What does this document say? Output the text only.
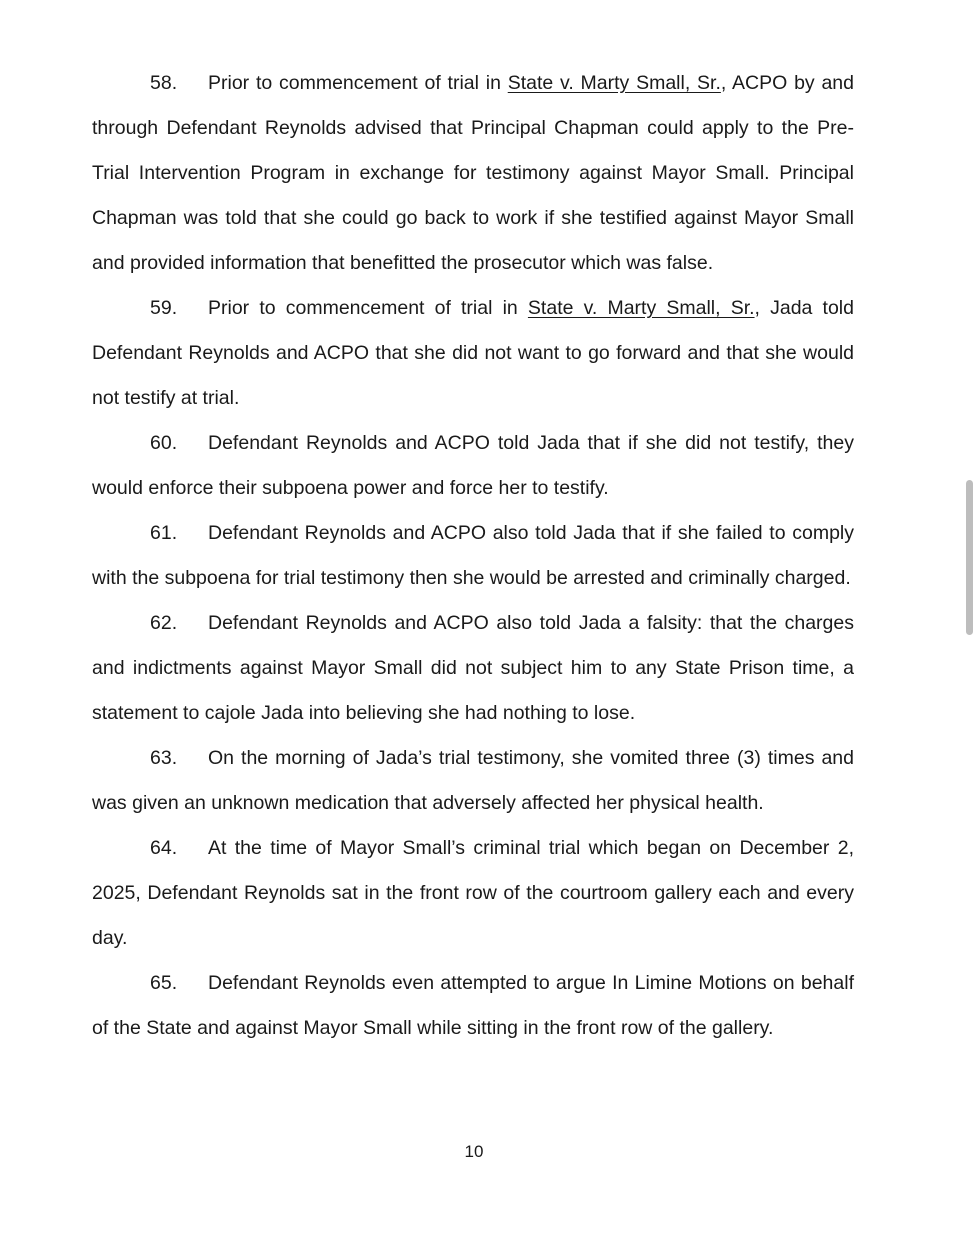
58. Prior to commencement of trial in State v. Marty Small, Sr., ACPO by and through Defendant Reynolds advised that Principal Chapman could apply to the Pre-Trial Intervention Program in exchange for testimony against Mayor Small. Principal Chapman was told that she could go back to work if she testified against Mayor Small and provided information that benefitted the prosecutor which was false.

59. Prior to commencement of trial in State v. Marty Small, Sr., Jada told Defendant Reynolds and ACPO that she did not want to go forward and that she would not testify at trial.

60. Defendant Reynolds and ACPO told Jada that if she did not testify, they would enforce their subpoena power and force her to testify.

61. Defendant Reynolds and ACPO also told Jada that if she failed to comply with the subpoena for trial testimony then she would be arrested and criminally charged.

62. Defendant Reynolds and ACPO also told Jada a falsity: that the charges and indictments against Mayor Small did not subject him to any State Prison time, a statement to cajole Jada into believing she had nothing to lose.

63. On the morning of Jada’s trial testimony, she vomited three (3) times and was given an unknown medication that adversely affected her physical health.

64. At the time of Mayor Small’s criminal trial which began on December 2, 2025, Defendant Reynolds sat in the front row of the courtroom gallery each and every day.

65. Defendant Reynolds even attempted to argue In Limine Motions on behalf of the State and against Mayor Small while sitting in the front row of the gallery.

10
